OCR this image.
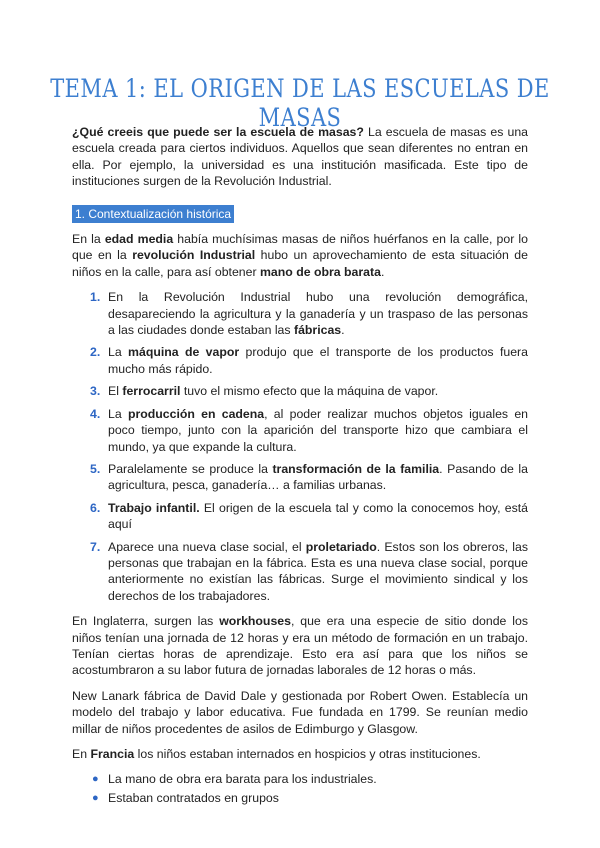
TEMA 1: EL ORIGEN DE LAS ESCUELAS DE MASAS

¿Qué creeis que puede ser la escuela de masas? La escuela de masas es una escuela creada para ciertos individuos. Aquellos que sean diferentes no entran en ella. Por ejemplo, la universidad es una institución masificada. Este tipo de instituciones surgen de la Revolución Industrial.

1. Contextualización histórica

En la edad media había muchísimas masas de niños huérfanos en la calle, por lo que en la revolución Industrial hubo un aprovechamiento de esta situación de niños en la calle, para así obtener mano de obra barata.

1. En la Revolución Industrial hubo una revolución demográfica, desapareciendo la agricultura y la ganadería y un traspaso de las personas a las ciudades donde estaban las fábricas.
2. La máquina de vapor produjo que el transporte de los productos fuera mucho más rápido.
3. El ferrocarril tuvo el mismo efecto que la máquina de vapor.
4. La producción en cadena, al poder realizar muchos objetos iguales en poco tiempo, junto con la aparición del transporte hizo que cambiara el mundo, ya que expande la cultura.
5. Paralelamente se produce la transformación de la familia. Pasando de la agricultura, pesca, ganadería… a familias urbanas.
6. Trabajo infantil. El origen de la escuela tal y como la conocemos hoy, está aquí
7. Aparece una nueva clase social, el proletariado. Estos son los obreros, las personas que trabajan en la fábrica. Esta es una nueva clase social, porque anteriormente no existían las fábricas. Surge el movimiento sindical y los derechos de los trabajadores.

En Inglaterra, surgen las workhouses, que era una especie de sitio donde los niños tenían una jornada de 12 horas y era un método de formación en un trabajo. Tenían ciertas horas de aprendizaje. Esto era así para que los niños se acostumbraron a su labor futura de jornadas laborales de 12 horas o más.

New Lanark fábrica de David Dale y gestionada por Robert Owen. Establecía un modelo del trabajo y labor educativa. Fue fundada en 1799. Se reunían medio millar de niños procedentes de asilos de Edimburgo y Glasgow.

En Francia los niños estaban internados en hospicios y otras instituciones.

● La mano de obra era barata para los industriales.
● Estaban contratados en grupos
